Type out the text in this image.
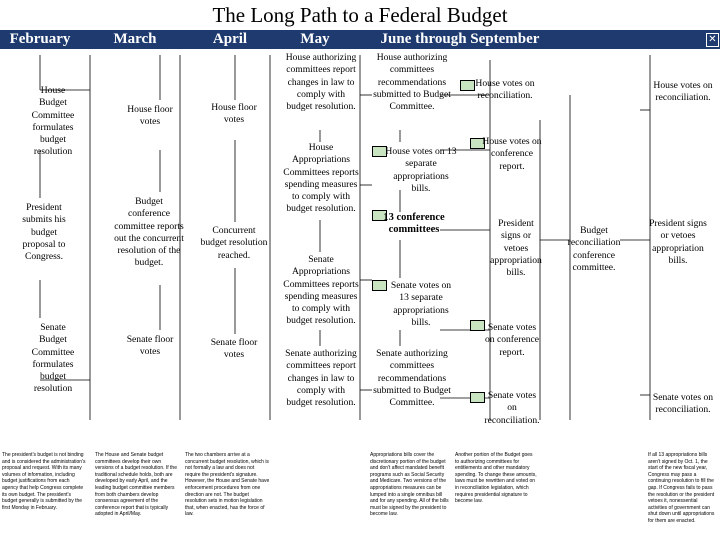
The Long Path to a Federal Budget
February	March	April	May	June through September	✕
House Budget Committee formulates budget resolution
President submits his budget proposal to Congress.
Senate Budget Committee formulates budget resolution
House floor votes
Budget conference committee reports out the concurrent resolution of the budget.
Senate floor votes
House floor votes
Concurrent budget resolution reached.
Senate floor votes
House authorizing committees report changes in law to comply with budget resolution.
House Appropriations Committees reports spending measures to comply with budget resolution.
Senate Appropriations Committees reports spending measures to comply with budget resolution.
Senate authorizing committees report changes in law to comply with budget resolution.
House authorizing committees recommendations submitted to Budget Committee.
House votes on 13 separate appropriations bills.
13 conference committees
Senate votes on 13 separate appropriations bills.
Senate authorizing committees recommendations submitted to Budget Committee.
House votes on reconciliation.
House votes on conference report.
Senate votes on conference report.
Senate votes on reconciliation.
President signs or vetoes appropriation bills.
Budget reconciliation conference committee.
House votes on reconciliation.
President signs or vetoes appropriation bills.
Senate votes on reconciliation.
The president's budget is not binding and is considered the administration's proposal and request. With its many volumes of information, including budget justifications from each agency that help Congress complete its own budget. The president's budget generally is submitted by the first Monday in February.
The House and Senate budget committees develop their own versions of a budget resolution. If the traditional schedule holds, both are developed by early April, and the leading budget committee members from both chambers develop consensus agreement of the conference report that is typically adopted in April/May.
The two chambers arrive at a concurrent budget resolution, which is not formally a law and does not require the president's signature. However, the House and Senate have enforcement procedures from one direction are not. The budget resolution sets in motion legislation that, when enacted, has the force of law.
Appropriations bills cover the discretionary portion of the budget and don't affect mandated benefit programs such as Social Security and Medicare. Two versions of the appropriations measures can be lumped into a single omnibus bill and for any spending. All of the bills must be signed by the president to become law.
Another portion of the Budget goes to authorizing committees for entitlements and other mandatory spending. To change these amounts, laws must be rewritten and voted on in reconciliation legislation, which requires presidential signature to become law.
If all 13 appropriations bills aren't signed by Oct. 1, the start of the new fiscal year, Congress may pass a continuing resolution to fill the gap. If Congress fails to pass the resolution or the president vetoes it, nonessential activities of government can shut down until appropriations for them are enacted.
